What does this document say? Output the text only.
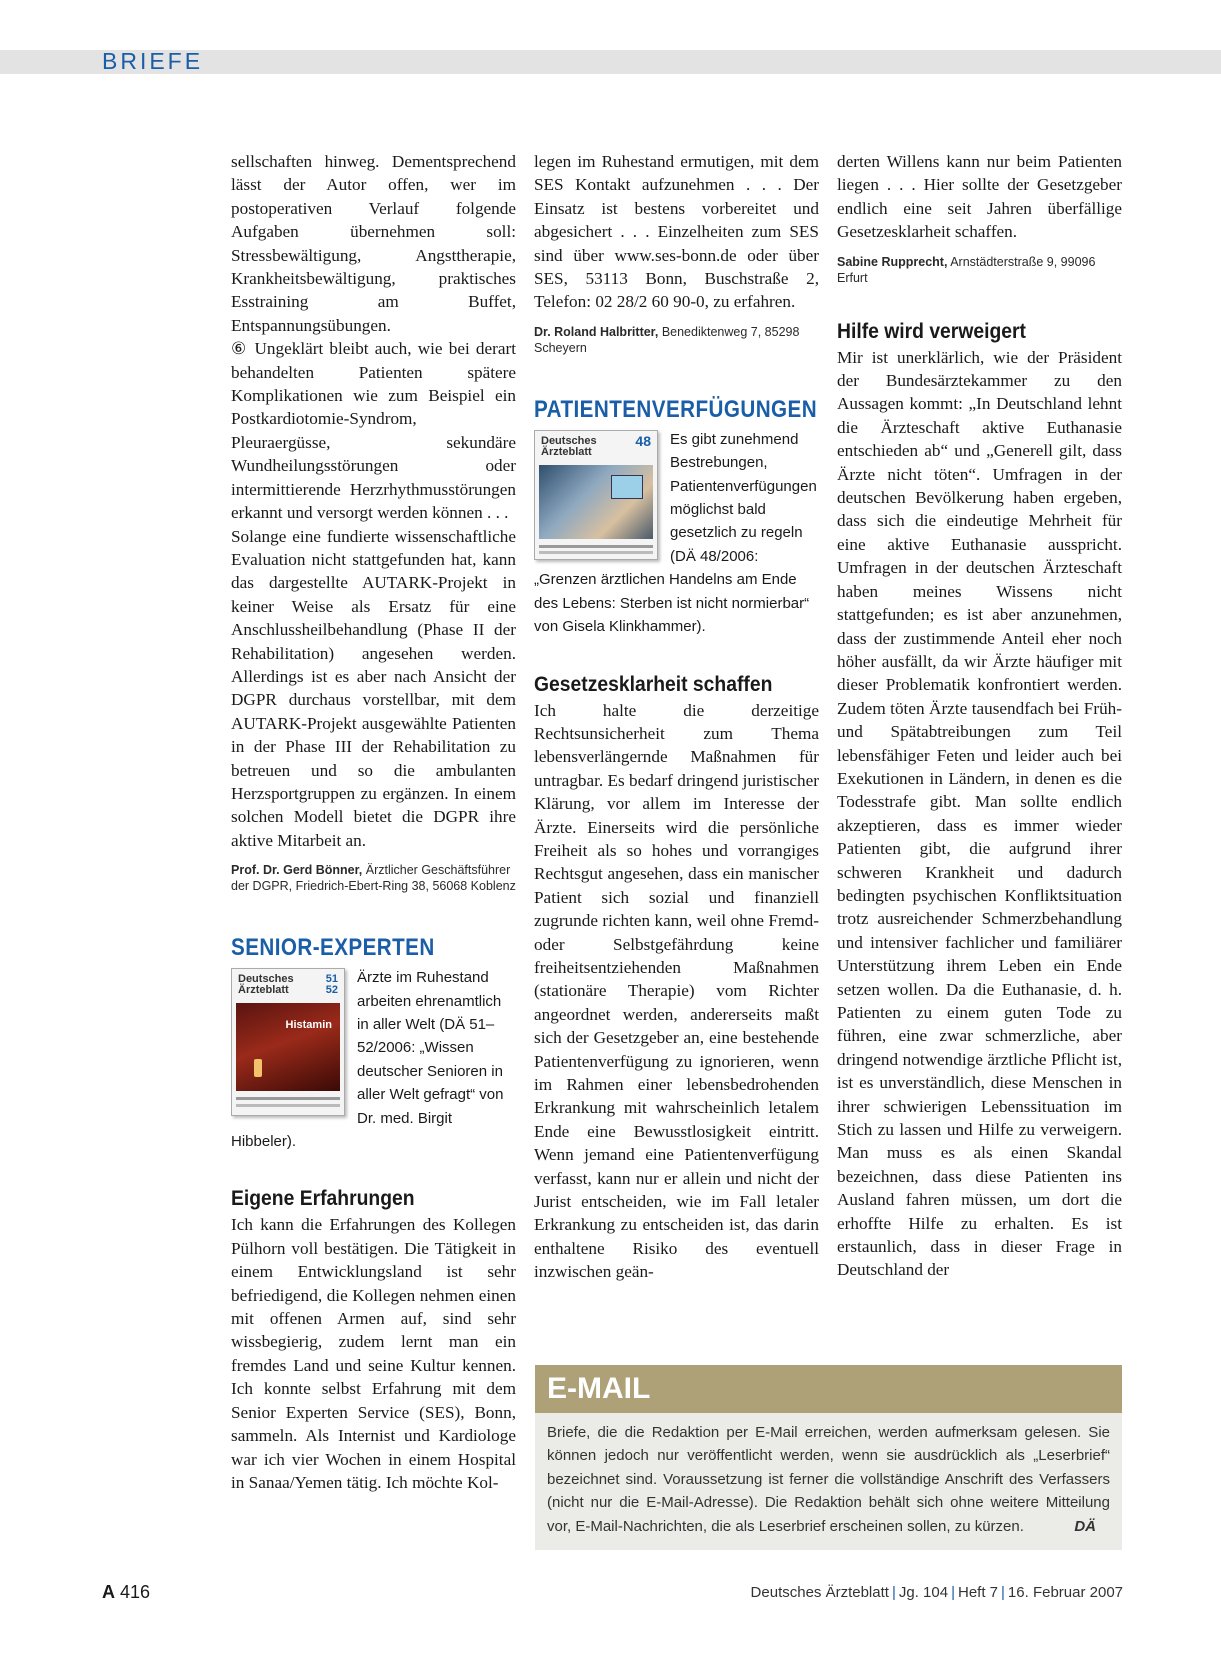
BRIEFE

sellschaften hinweg. Dementsprechend lässt der Autor offen, wer im postoperativen Verlauf folgende Aufgaben übernehmen soll: Stressbewältigung, Angsttherapie, Krankheitsbewältigung, praktisches Esstraining am Buffet, Entspannungsübungen.

⑥ Ungeklärt bleibt auch, wie bei derart behandelten Patienten spätere Komplikationen wie zum Beispiel ein Postkardiotomie-Syndrom, Pleuraergüsse, sekundäre Wundheilungsstörungen oder intermittierende Herzrhythmusstörungen erkannt und versorgt werden können . . .

Solange eine fundierte wissenschaftliche Evaluation nicht stattgefunden hat, kann das dargestellte AUTARK-Projekt in keiner Weise als Ersatz für eine Anschlussheilbehandlung (Phase II der Rehabilitation) angesehen werden. Allerdings ist es aber nach Ansicht der DGPR durchaus vorstellbar, mit dem AUTARK-Projekt ausgewählte Patienten in der Phase III der Rehabilitation zu betreuen und so die ambulanten Herzsportgruppen zu ergänzen. In einem solchen Modell bietet die DGPR ihre aktive Mitarbeit an.

Prof. Dr. Gerd Bönner, Ärztlicher Geschäftsführer der DGPR, Friedrich-Ebert-Ring 38, 56068 Koblenz

SENIOR-EXPERTEN
Deutsches Ärzteblatt
51 52
Histamin

Ärzte im Ruhestand arbeiten ehrenamtlich in aller Welt (DÄ 51–52/2006: „Wissen deutscher Senioren in aller Welt gefragt“ von Dr. med. Birgit Hibbeler).

Eigene Erfahrungen

Ich kann die Erfahrungen des Kollegen Pülhorn voll bestätigen. Die Tätigkeit in einem Entwicklungsland ist sehr befriedigend, die Kollegen nehmen einen mit offenen Armen auf, sind sehr wissbegierig, zudem lernt man ein fremdes Land und seine Kultur kennen. Ich konnte selbst Erfahrung mit dem Senior Experten Service (SES), Bonn, sammeln. Als Internist und Kardiologe war ich vier Wochen in einem Hospital in Sanaa/Yemen tätig. Ich möchte Kol-

legen im Ruhestand ermutigen, mit dem SES Kontakt aufzunehmen . . . Der Einsatz ist bestens vorbereitet und abgesichert . . . Einzelheiten zum SES sind über www.ses-bonn.de oder über SES, 53113 Bonn, Buschstraße 2, Telefon: 02 28/2 60 90-0, zu erfahren.

Dr. Roland Halbritter, Benediktenweg 7, 85298 Scheyern

PATIENTENVERFÜGUNGEN
Deutsches Ärzteblatt
48	Es gibt zunehmend Bestrebungen, Patientenverfügungen möglichst bald gesetzlich zu regeln (DÄ 48/2006: „Grenzen ärztlichen Handelns am Ende des Lebens: Sterben ist nicht normierbar“ von Gisela Klinkhammer).

Gesetzesklarheit schaffen

Ich halte die derzeitige Rechtsunsicherheit zum Thema lebensverlängernde Maßnahmen für untragbar. Es bedarf dringend juristischer Klärung, vor allem im Interesse der Ärzte. Einerseits wird die persönliche Freiheit als so hohes und vorrangiges Rechtsgut angesehen, dass ein manischer Patient sich sozial und finanziell zugrunde richten kann, weil ohne Fremd- oder Selbstgefährdung keine freiheitsentziehenden Maßnahmen (stationäre Therapie) vom Richter angeordnet werden, andererseits maßt sich der Gesetzgeber an, eine bestehende Patientenverfügung zu ignorieren, wenn im Rahmen einer lebensbedrohenden Erkrankung mit wahrscheinlich letalem Ende eine Bewusstlosigkeit eintritt. Wenn jemand eine Patientenverfügung verfasst, kann nur er allein und nicht der Jurist entscheiden, wie im Fall letaler Erkrankung zu entscheiden ist, das darin enthaltene Risiko des eventuell inzwischen geän-

derten Willens kann nur beim Patienten liegen . . . Hier sollte der Gesetzgeber endlich eine seit Jahren überfällige Gesetzesklarheit schaffen.

Sabine Rupprecht, Arnstädterstraße 9, 99096 Erfurt

Hilfe wird verweigert

Mir ist unerklärlich, wie der Präsident der Bundesärztekammer zu den Aussagen kommt: „In Deutschland lehnt die Ärzteschaft aktive Euthanasie entschieden ab“ und „Generell gilt, dass Ärzte nicht töten“. Umfragen in der deutschen Bevölkerung haben ergeben, dass sich die eindeutige Mehrheit für eine aktive Euthanasie ausspricht. Umfragen in der deutschen Ärzteschaft haben meines Wissens nicht stattgefunden; es ist aber anzunehmen, dass der zustimmende Anteil eher noch höher ausfällt, da wir Ärzte häufiger mit dieser Problematik konfrontiert werden. Zudem töten Ärzte tausendfach bei Früh- und Spätabtreibungen zum Teil lebensfähiger Feten und leider auch bei Exekutionen in Ländern, in denen es die Todesstrafe gibt. Man sollte endlich akzeptieren, dass es immer wieder Patienten gibt, die aufgrund ihrer schweren Krankheit und dadurch bedingten psychischen Konfliktsituation trotz ausreichender Schmerzbehandlung und intensiver fachlicher und familiärer Unterstützung ihrem Leben ein Ende setzen wollen. Da die Euthanasie, d. h. Patienten zu einem guten Tode zu führen, eine zwar schmerzliche, aber dringend notwendige ärztliche Pflicht ist, ist es unverständlich, diese Menschen in ihrer schwierigen Lebenssituation im Stich zu lassen und Hilfe zu verweigern. Man muss es als einen Skandal bezeichnen, dass diese Patienten ins Ausland fahren müssen, um dort die erhoffte Hilfe zu erhalten. Es ist erstaunlich, dass in dieser Frage in Deutschland der

E-MAIL

Briefe, die die Redaktion per E-Mail erreichen, werden aufmerksam gelesen. Sie können jedoch nur veröffentlicht werden, wenn sie ausdrücklich als „Leserbrief“ bezeichnet sind. Voraussetzung ist ferner die vollständige Anschrift des Verfassers (nicht nur die E-Mail-Adresse). Die Redaktion behält sich ohne weitere Mitteilung vor, E-Mail-Nachrichten, die als Leserbrief erscheinen sollen, zu kürzen.	DÄ

A 416	Deutsches Ärzteblatt | Jg. 104 | Heft 7 | 16. Februar 2007
